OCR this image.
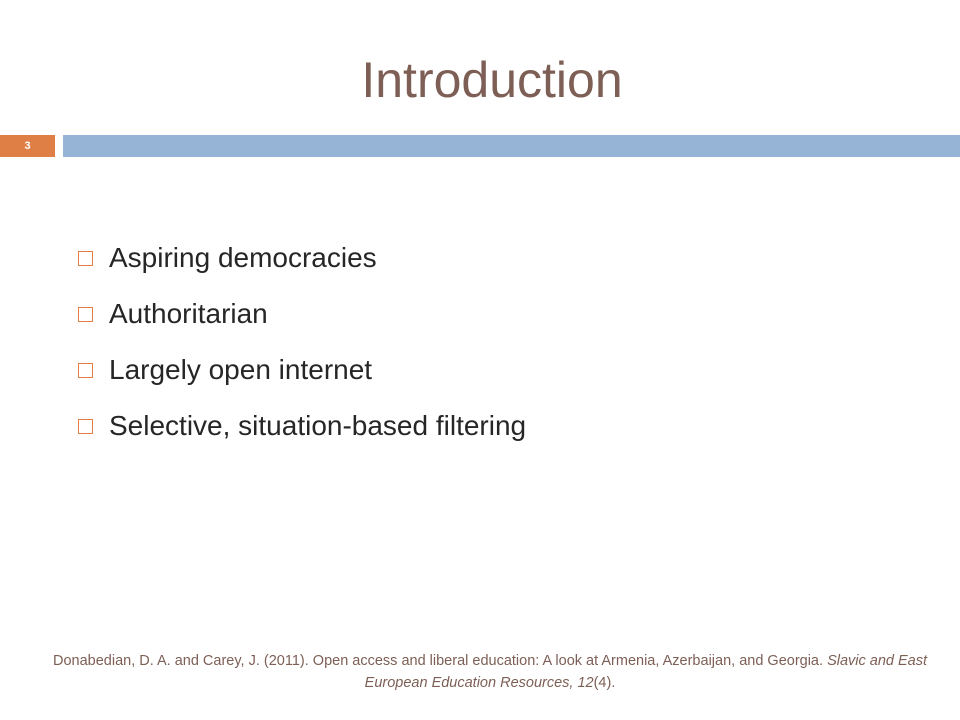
Introduction
3
Aspiring democracies
Authoritarian
Largely open internet
Selective, situation-based filtering
Donabedian, D. A. and Carey, J. (2011). Open access and liberal education: A look at Armenia, Azerbaijan, and Georgia. Slavic and East European Education Resources, 12(4).
